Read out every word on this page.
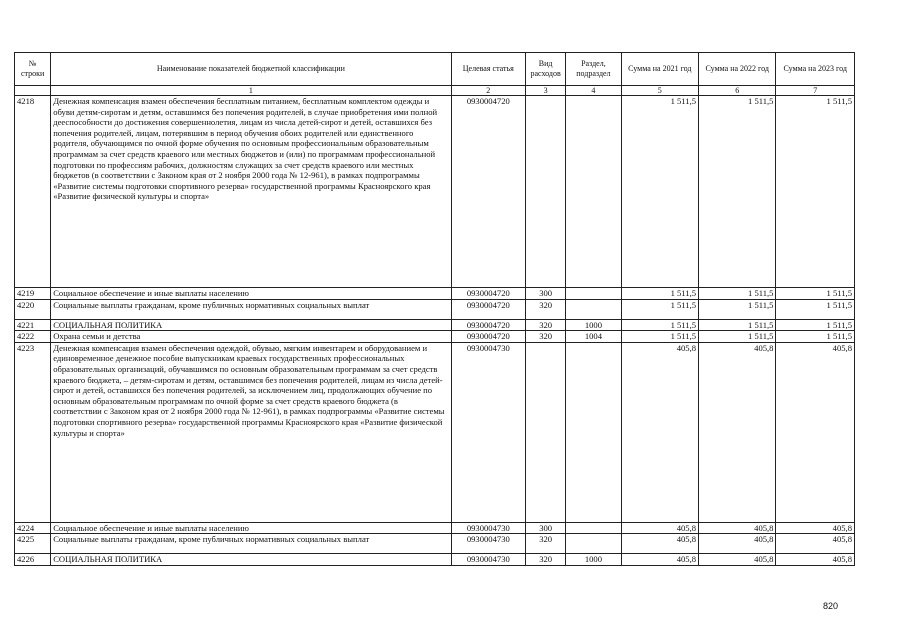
№ строки	Наименование показателей бюджетной классификации	Целевая статья	Вид расходов	Раздел, подраздел	Сумма на 2021 год	Сумма на 2022 год	Сумма на 2023 год
	1	2	3	4	5	6	7
4218	Денежная компенсация взамен обеспечения бесплатным питанием, бесплатным комплектом одежды и обуви детям-сиротам и детям, оставшимся без попечения родителей, в случае приобретения ими полной дееспособности до достижения совершеннолетия, лицам из числа детей-сирот и детей, оставшихся без попечения родителей, лицам, потерявшим в период обучения обоих родителей или единственного родителя, обучающимся по очной форме обучения по основным профессиональным образовательным программам за счет средств краевого или местных бюджетов и (или) по программам профессиональной подготовки по профессиям рабочих, должностям служащих за счет средств краевого или местных бюджетов (в соответствии с Законом края от 2 ноября 2000 года № 12-961), в рамках подпрограммы «Развитие системы подготовки спортивного резерва» государственной программы Красноярского края «Развитие физической культуры и спорта»	0930004720			1 511,5	1 511,5	1 511,5
4219	Социальное обеспечение и иные выплаты населению	0930004720	300		1 511,5	1 511,5	1 511,5
4220	Социальные выплаты гражданам, кроме публичных нормативных социальных выплат	0930004720	320		1 511,5	1 511,5	1 511,5
4221	СОЦИАЛЬНАЯ ПОЛИТИКА	0930004720	320	1000	1 511,5	1 511,5	1 511,5
4222	Охрана семьи и детства	0930004720	320	1004	1 511,5	1 511,5	1 511,5
4223	Денежная компенсация взамен обеспечения одеждой, обувью, мягким инвентарем и оборудованием и единовременное денежное пособие выпускникам краевых государственных профессиональных образовательных организаций, обучавшимся по основным образовательным программам за счет средств краевого бюджета, – детям-сиротам и детям, оставшимся без попечения родителей, лицам из числа детей-сирот и детей, оставшихся без попечения родителей, за исключением лиц, продолжающих обучение по основным образовательным программам по очной форме за счет средств краевого бюджета (в соответствии с Законом края от 2 ноября 2000 года № 12-961), в рамках подпрограммы «Развитие системы подготовки спортивного резерва» государственной программы Красноярского края «Развитие физической культуры и спорта»	0930004730			405,8	405,8	405,8
4224	Социальное обеспечение и иные выплаты населению	0930004730	300		405,8	405,8	405,8
4225	Социальные выплаты гражданам, кроме публичных нормативных социальных выплат	0930004730	320		405,8	405,8	405,8
4226	СОЦИАЛЬНАЯ ПОЛИТИКА	0930004730	320	1000	405,8	405,8	405,8
820
